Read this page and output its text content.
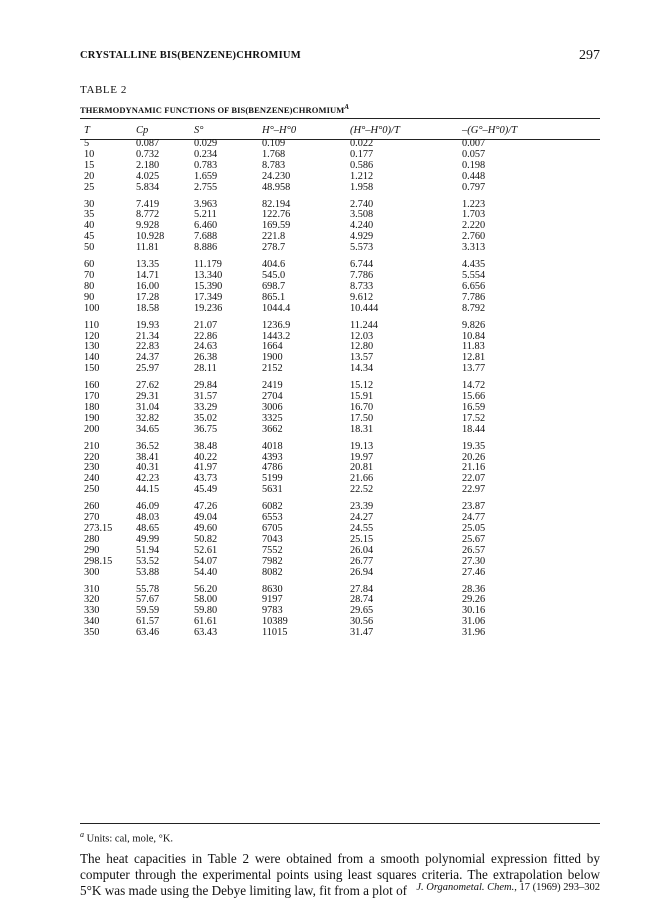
CRYSTALLINE BIS(BENZENE)CHROMIUM	297
TABLE 2
THERMODYNAMIC FUNCTIONS OF $BIS(BENZENE)CHROMIUM^A$
T	Cp	S°	H°–H°0	(H°–H°0)/T	–(G°–H°0)/T
5	0.087	0.029	0.109	0.022	0.007
10	0.732	0.234	1.768	0.177	0.057
15	2.180	0.783	8.783	0.586	0.198
20	4.025	1.659	24.230	1.212	0.448
25	5.834	2.755	48.958	1.958	0.797
30	7.419	3.963	82.194	2.740	1.223
35	8.772	5.211	122.76	3.508	1.703
40	9.928	6.460	169.59	4.240	2.220
45	10.928	7.688	221.8	4.929	2.760
50	11.81	8.886	278.7	5.573	3.313
60	13.35	11.179	404.6	6.744	4.435
70	14.71	13.340	545.0	7.786	5.554
80	16.00	15.390	698.7	8.733	6.656
90	17.28	17.349	865.1	9.612	7.786
100	18.58	19.236	1044.4	10.444	8.792
110	19.93	21.07	1236.9	11.244	9.826
120	21.34	22.86	1443.2	12.03	10.84
130	22.83	24.63	1664	12.80	11.83
140	24.37	26.38	1900	13.57	12.81
150	25.97	28.11	2152	14.34	13.77
160	27.62	29.84	2419	15.12	14.72
170	29.31	31.57	2704	15.91	15.66
180	31.04	33.29	3006	16.70	16.59
190	32.82	35.02	3325	17.50	17.52
200	34.65	36.75	3662	18.31	18.44
210	36.52	38.48	4018	19.13	19.35
220	38.41	40.22	4393	19.97	20.26
230	40.31	41.97	4786	20.81	21.16
240	42.23	43.73	5199	21.66	22.07
250	44.15	45.49	5631	22.52	22.97
260	46.09	47.26	6082	23.39	23.87
270	48.03	49.04	6553	24.27	24.77
273.15	48.65	49.60	6705	24.55	25.05
280	49.99	50.82	7043	25.15	25.67
290	51.94	52.61	7552	26.04	26.57
298.15	53.52	54.07	7982	26.77	27.30
300	53.88	54.40	8082	26.94	27.46
310	55.78	56.20	8630	27.84	28.36
320	57.67	58.00	9197	28.74	29.26
330	59.59	59.80	9783	29.65	30.16
340	61.57	61.61	10389	30.56	31.06
350	63.46	63.43	11015	31.47	31.96
$^a$ Units: cal, mole, °K.
The heat capacities in Table 2 were obtained from a smooth polynomial expression fitted by computer through the experimental points using least squares criteria. The extrapolation below 5°K was made using the Debye limiting law, fit from a plot of J. Organometal. Chem., 17 (1969) 293–302
